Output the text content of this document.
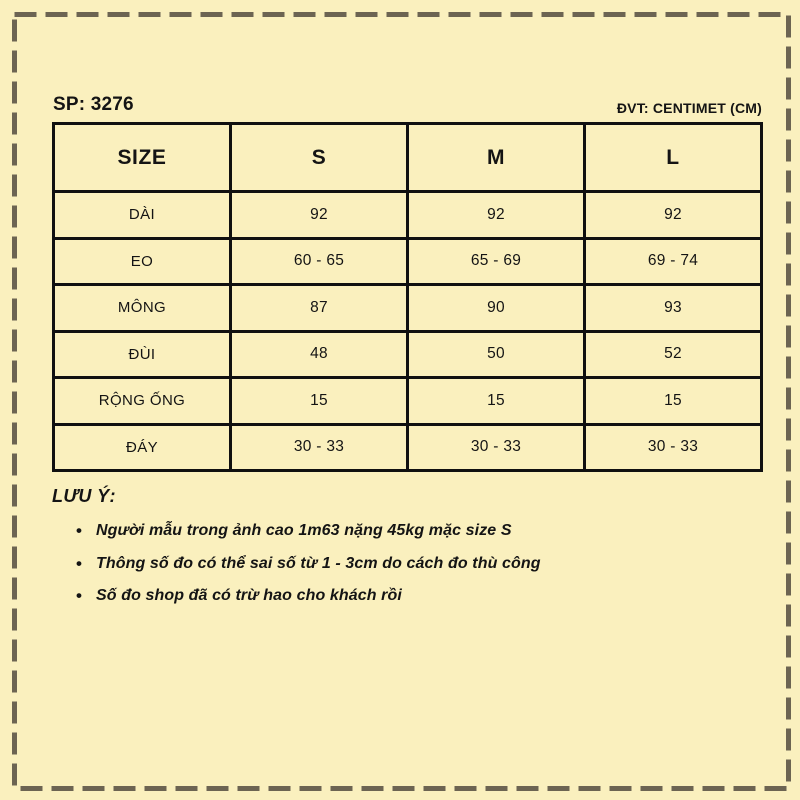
SP: 3276	ĐVT: CENTIMET (CM)
SIZE	S	M	L
DÀI	92	92	92
EO	60 - 65	65 - 69	69 - 74
MÔNG	87	90	93
ĐÙI	48	50	52
RỘNG ỐNG	15	15	15
ĐÁY	30 - 33	30 - 33	30 - 33
LƯU Ý:
• Người mẫu trong ảnh cao 1m63 nặng 45kg mặc size S
• Thông số đo có thể sai số từ 1 - 3cm do cách đo thù công
• Số đo shop đã có trừ hao cho khách rồi
